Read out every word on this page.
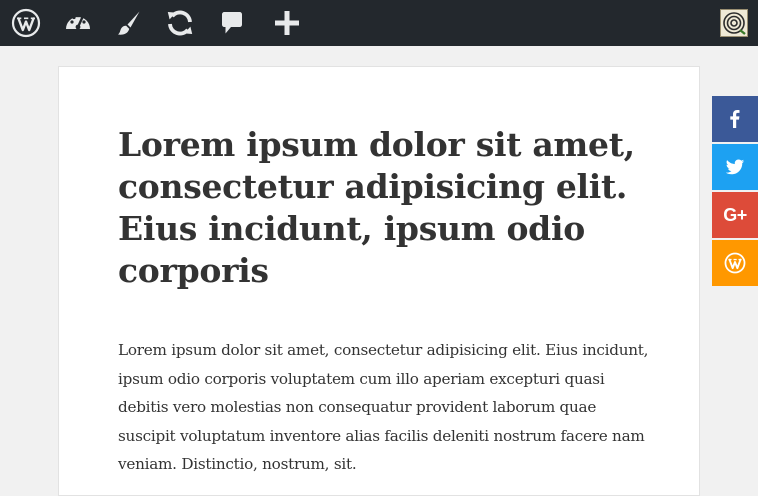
Lorem ipsum dolor sit amet, consectetur adipisicing elit. Eius incidunt, ipsum odio corporis

Lorem ipsum dolor sit amet, consectetur adipisicing elit. Eius incidunt, ipsum odio corporis voluptatem cum illo aperiam excepturi quasi debitis vero molestias non consequatur provident laborum quae suscipit voluptatum inventore alias facilis deleniti nostrum facere nam veniam. Distinctio, nostrum, sit.

G+
